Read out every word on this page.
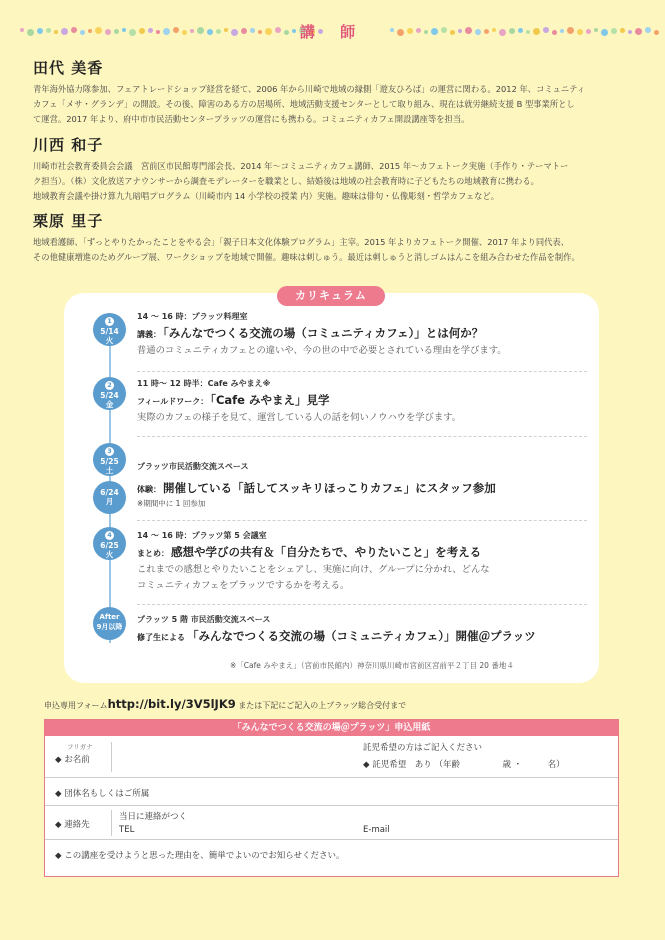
講 師
田代 美香
青年海外協力隊参加、フェアトレードショップ経営を経て、2006 年から川崎で地域の縁側「遊友ひろば」の運営に関わる。2012 年、コミュニティ
カフェ「メサ・グランデ」の開設。その後、障害のある方の居場所、地域活動支援センターとして取り組み、現在は就労継続支援 B 型事業所とし
て運営。2017 年より、府中市市民活動センタープラッツの運営にも携わる。コミュニティカフェ開設講座等を担当。
川西 和子
川崎市社会教育委員会会議　宮前区市民館専門部会長、2014 年〜コミュニティカフェ講師、2015 年〜カフェトーク実施（手作り・テーマトー
ク担当）。（株）文化放送アナウンサーから調査モデレーターを職業とし、結婚後は地域の社会教育時に子どもたちの地域教育に携わる。
地域教育会議や掛け算九九暗唱プログラム（川崎市内 14 小学校の授業 内）実施。趣味は俳句・仏像彫刻・哲学カフェなど。
栗原 里子
地域看護師、「ずっとやりたかったことをやる会」「親子日本文化体験プログラム」主宰。2015 年よりカフェトーク開催、2017 年より同代表、
その他健康増進のためグループ展、ワークショップを地域で開催。趣味は刺しゅう。最近は刺しゅうと消しゴムはんこを組み合わせた作品を制作。
カリキュラム
1
5/14
火
14 〜 16 時：プラッツ料理室
講義： 「みんなでつくる交流の場（コミュニティカフェ）」とは何か？
普通のコミュニティカフェとの違いや、今の世の中で必要とされている理由を学びます。
2
5/24
金
11 時〜 12 時半：Cafe みやまえ※
フィールドワーク： 「Cafe みやまえ」見学
実際のカフェの様子を見て、運営している人の話を伺いノウハウを学びます。
3
5/25
土
6/24
月
プラッツ市民活動交流スペース
体験： 開催している「話してスッキリほっこりカフェ」にスタッフ参加
※期間中に 1 回参加
4
6/25
火
14 〜 16 時：プラッツ第 5 会議室
まとめ： 感想や学びの共有＆「自分たちで、やりたいこと」を考える
これまでの感想とやりたいことをシェアし、実施に向け、グループに分かれ、どんな
コミュニティカフェをプラッツでするかを考える。
After
9月以降
プラッツ 5 階 市民活動交流スペース
修了生による 「みんなでつくる交流の場（コミュニティカフェ）」開催＠プラッツ
※「Cafe みやまえ」（宮前市民館内）神奈川県川崎市宮前区宮前平２丁目 20 番地４
申込専用フォームhttp://bit.ly/3V5lJK9 または下記にご記入の上プラッツ総合受付まで
「みんなでつくる交流の場＠プラッツ」申込用紙
フリガナ
◆ お名前
託児希望の方はご記入ください
◆ 託児希望　あり （年齢　　　　　歳 ・　　　名）
◆ 団体名もしくはご所属
◆ 連絡先
当日に連絡がつく
TEL	E-mail
◆ この講座を受けようと思った理由を、簡単でよいのでお知らせください。
